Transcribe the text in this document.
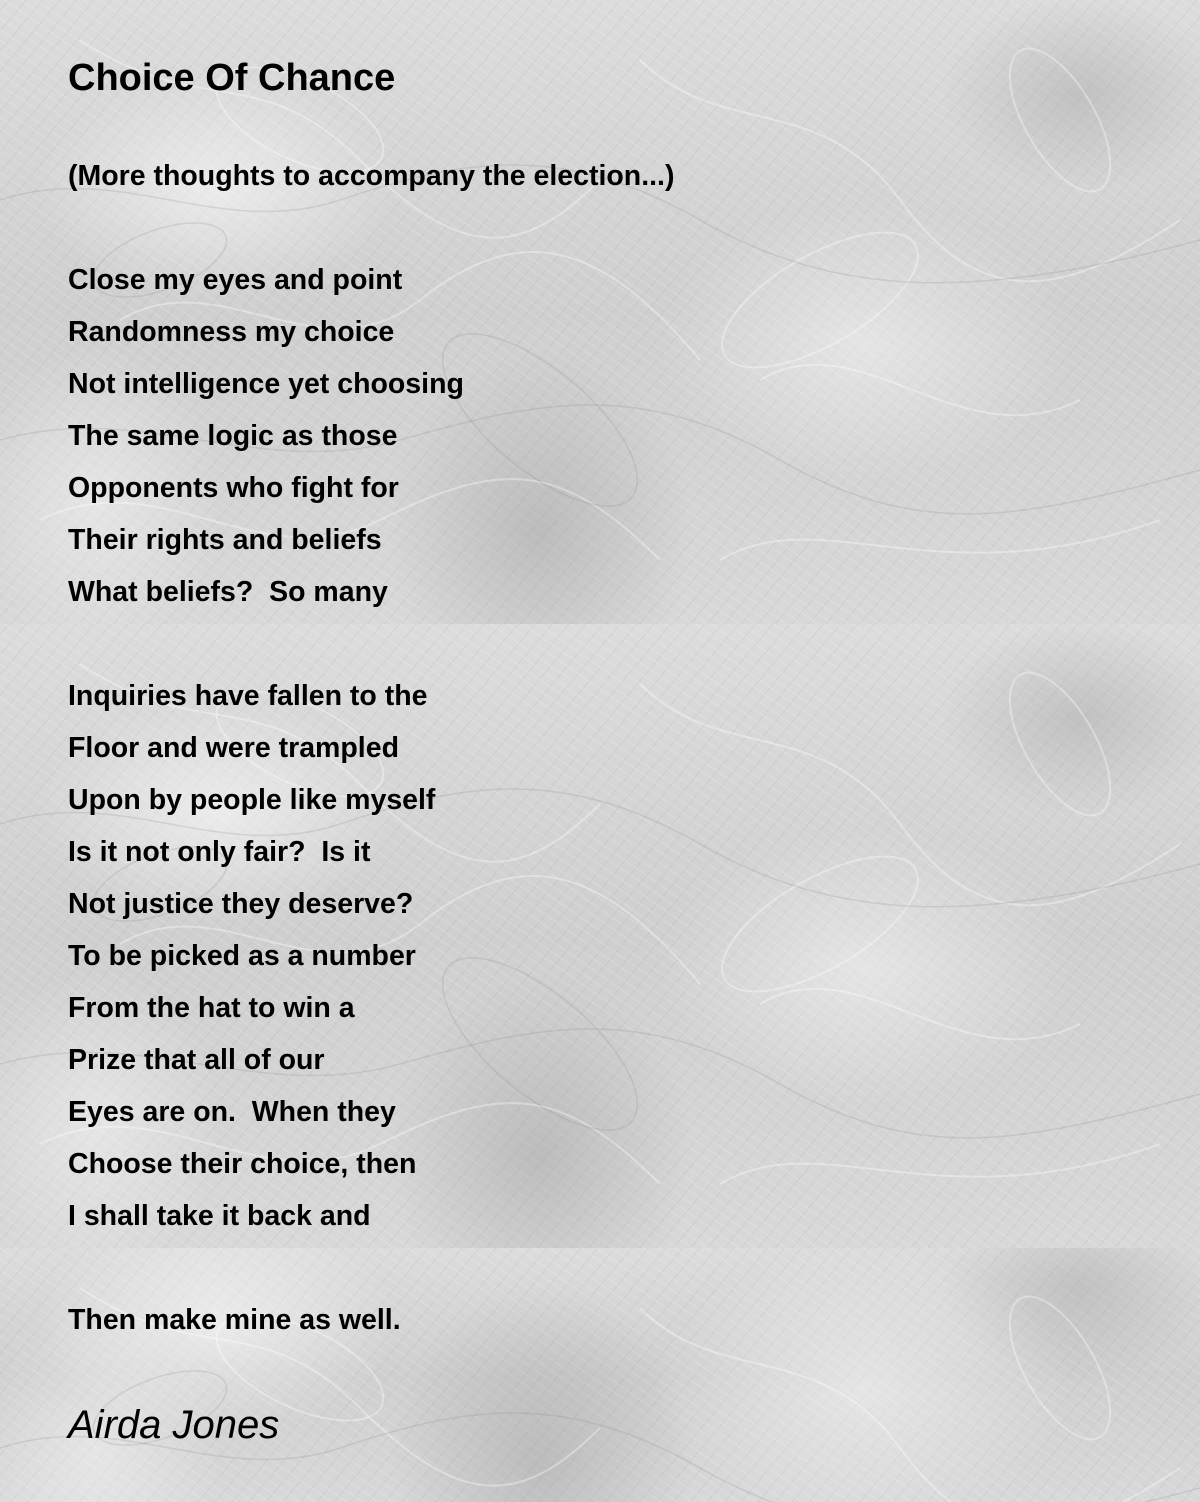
Choice Of Chance
(More thoughts to accompany the election...)
Close my eyes and point
Randomness my choice
Not intelligence yet choosing
The same logic as those
Opponents who fight for
Their rights and beliefs
What beliefs?  So many
Inquiries have fallen to the
Floor and were trampled
Upon by people like myself
Is it not only fair?  Is it
Not justice they deserve?
To be picked as a number
From the hat to win a
Prize that all of our
Eyes are on.  When they
Choose their choice, then
I shall take it back and
Then make mine as well.
Airda Jones
